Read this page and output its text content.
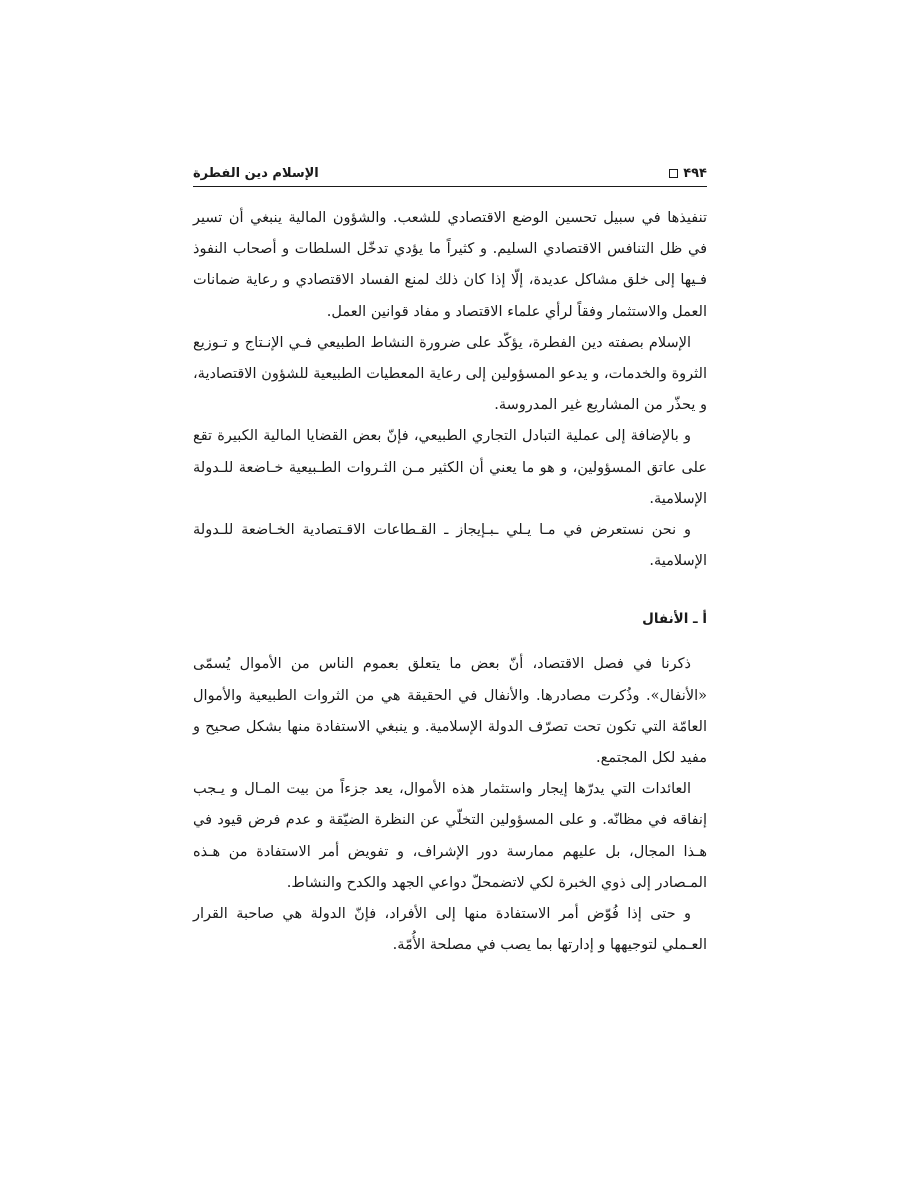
۴۹۴
الإسلام دين الفطرة

تنفيذها في سبيل تحسين الوضع الاقتصادي للشعب. والشؤون المالية ينبغي أن تسير في ظل التنافس الاقتصادي السليم. و كثيراً ما يؤدي تدخّل السلطات و أصحاب النفوذ فـيها إلى خلق مشاكل عديدة، إلّا إذا كان ذلك لمنع الفساد الاقتصادي و رعاية ضمانات العمل والاستثمار وفقاً لرأي علماء الاقتصاد و مفاد قوانين العمل.

الإسلام بصفته دين الفطرة، يؤكّد على ضرورة النشاط الطبيعي فـي الإنـتاج و تـوزيع الثروة والخدمات، و يدعو المسؤولين إلى رعاية المعطيات الطبيعية للشؤون الاقتصادية، و يحذّر من المشاريع غير المدروسة.

و بالإضافة إلى عملية التبادل التجاري الطبيعي، فإنّ بعض القضايا المالية الكبيرة تقع على عاتق المسؤولين، و هو ما يعني أن الكثير مـن الثـروات الطـبيعية خـاضعة للـدولة الإسلامية.

و نحن نستعرض في مـا يـلي ـبـإيجاز ـ القـطاعات الاقـتصادية الخـاضعة للـدولة الإسلامية.

أ ـ الأنفال

ذكرنا في فصل الاقتصاد، أنّ بعض ما يتعلق بعموم الناس من الأموال يُسمّى «الأنفال». وذُكرت مصادرها. والأنفال في الحقيقة هي من الثروات الطبيعية والأموال العامّة التي تكون تحت تصرّف الدولة الإسلامية. و ينبغي الاستفادة منها بشكل صحيح و مفيد لكل المجتمع.

العائدات التي يدرّها إيجار واستثمار هذه الأموال، يعد جزءاً من بيت المـال و يـجب إنفاقه في مظانّه. و على المسؤولين التخلّي عن النظرة الضيّقة و عدم فرض قيود في هـذا المجال، بل عليهم ممارسة دور الإشراف، و تفويض أمر الاستفادة من هـذه المـصادر إلى ذوي الخبرة لكي لاتضمحلّ دواعي الجهد والكدح والنشاط.

و حتى إذا فُوّض أمر الاستفادة منها إلى الأفراد، فإنّ الدولة هي صاحبة القرار العـملي لتوجيهها و إدارتها بما يصب في مصلحة الأُمّة.
